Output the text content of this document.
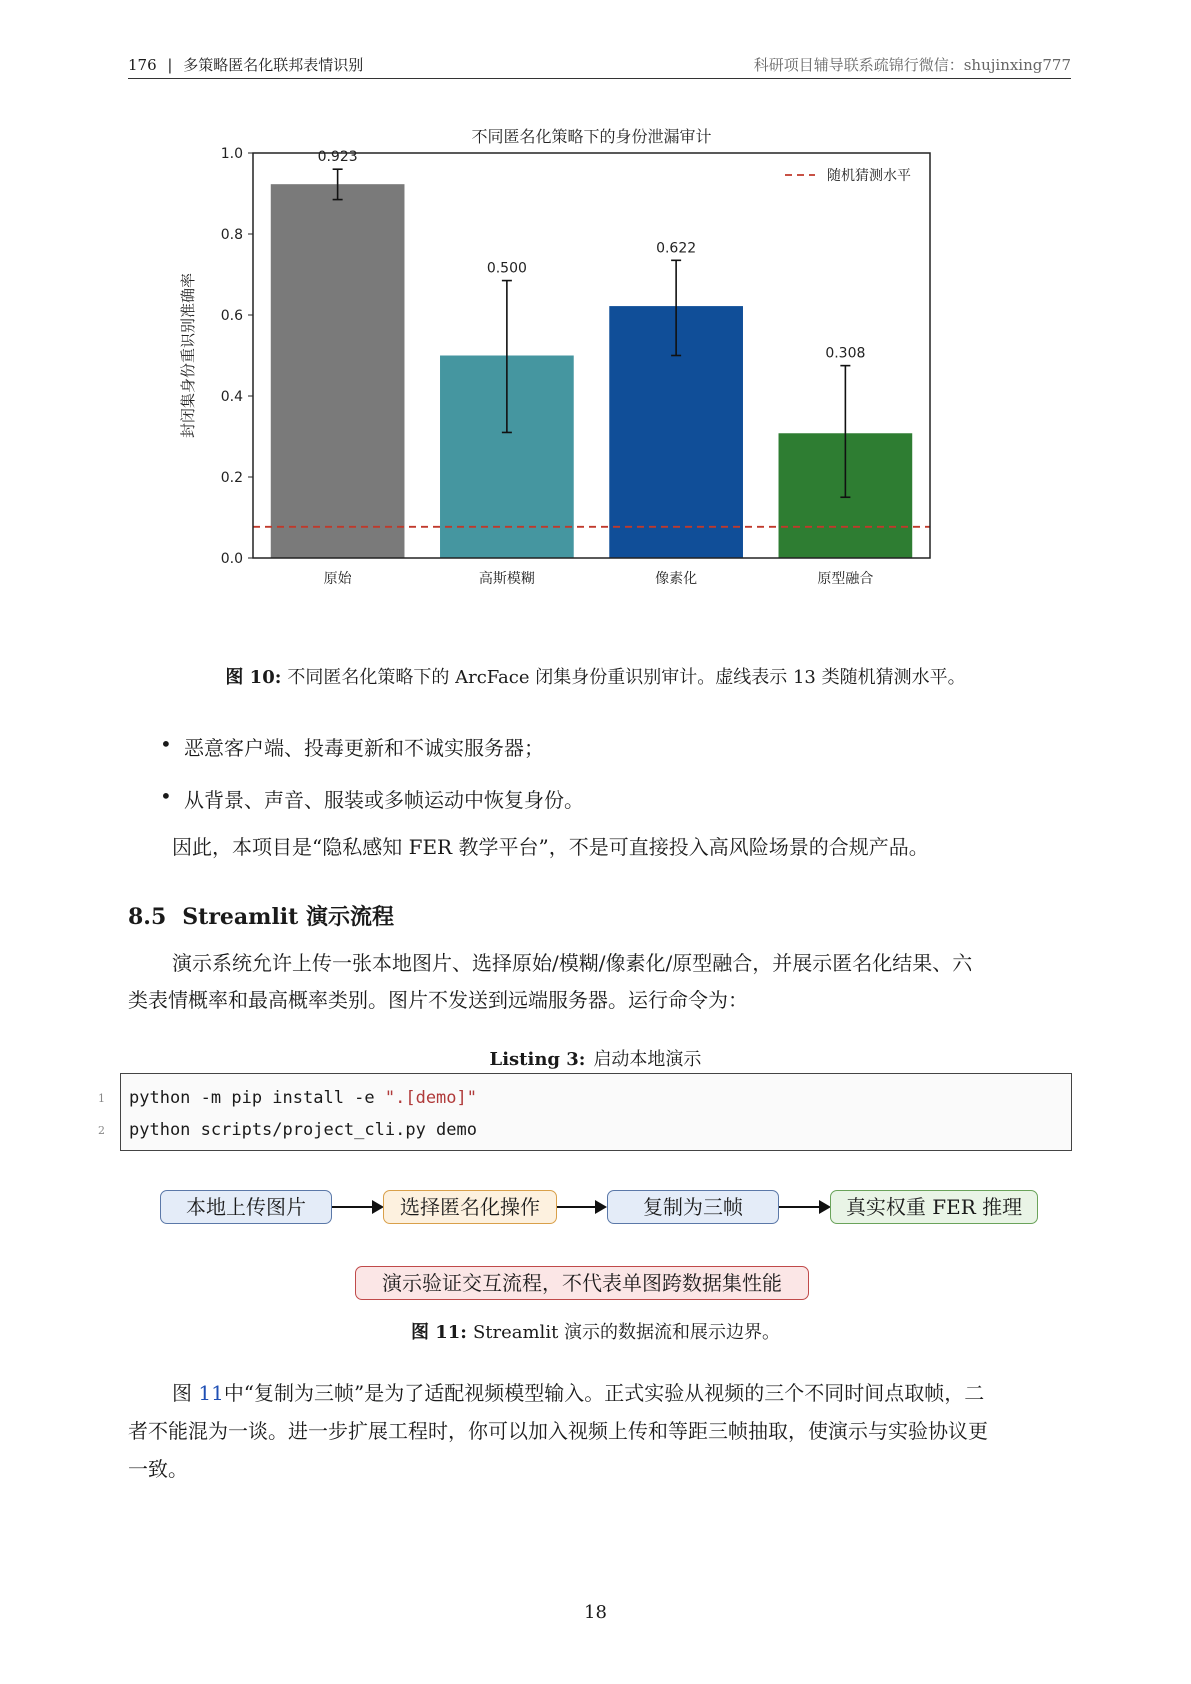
176 | 多策略匿名化联邦表情识别	科研项目辅导联系疏锦行微信：shujinxing777
不同匿名化策略下的身份泄漏审计
0.0
0.2
0.4
0.6
0.8
1.0
封闭集身份重识别准确率
0.923
原始
0.500
高斯模糊
0.622
像素化
0.308
原型融合
随机猜测水平
图 10: 不同匿名化策略下的 ArcFace 闭集身份重识别审计。虚线表示 13 类随机猜测水平。
• 恶意客户端、投毒更新和不诚实服务器；
• 从背景、声音、服装或多帧运动中恢复身份。
因此，本项目是“隐私感知 FER 教学平台”，不是可直接投入高风险场景的合规产品。
8.5 Streamlit 演示流程
演示系统允许上传一张本地图片、选择原始/模糊/像素化/原型融合，并展示匿名化结果、六
类表情概率和最高概率类别。图片不发送到远端服务器。运行命令为：
Listing 3: 启动本地演示
1
2
python -m pip install -e ".[demo]"
python scripts/project_cli.py demo
本地上传图片	选择匿名化操作	复制为三帧	真实权重 FER 推理
演示验证交互流程，不代表单图跨数据集性能
图 11: Streamlit 演示的数据流和展示边界。
图 11中“复制为三帧”是为了适配视频模型输入。正式实验从视频的三个不同时间点取帧，二
者不能混为一谈。进一步扩展工程时，你可以加入视频上传和等距三帧抽取，使演示与实验协议更
一致。
18
